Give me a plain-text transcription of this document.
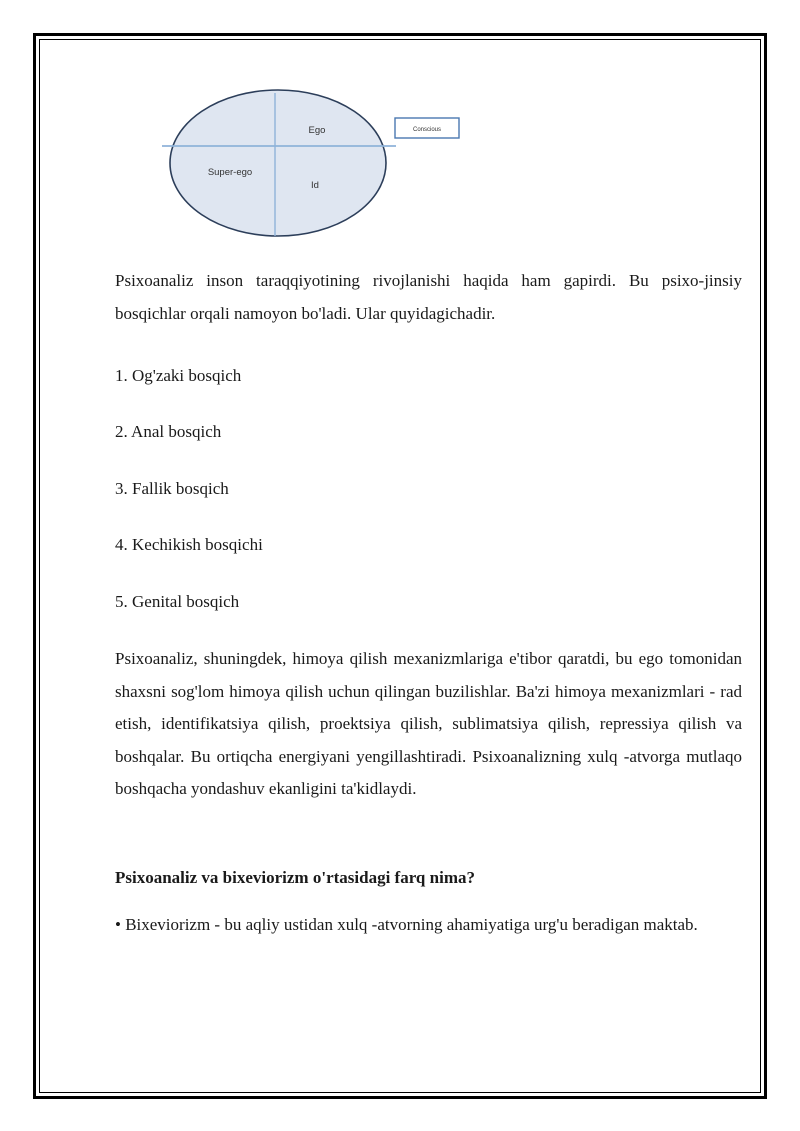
Conscious
Ego
Super-ego
Id

Psixoanaliz inson taraqqiyotining rivojlanishi haqida ham gapirdi. Bu psixo-jinsiy bosqichlar orqali namoyon bo'ladi. Ular quyidagichadir.

1. Og'zaki bosqich
2. Anal bosqich
3. Fallik bosqich
4. Kechikish bosqichi
5. Genital bosqich

Psixoanaliz, shuningdek, himoya qilish mexanizmlariga e'tibor qaratdi, bu ego tomonidan shaxsni sog'lom himoya qilish uchun qilingan buzilishlar. Ba'zi himoya mexanizmlari - rad etish, identifikatsiya qilish, proektsiya qilish, sublimatsiya qilish, repressiya qilish va boshqalar. Bu ortiqcha energiyani yengillashtiradi. Psixoanalizning xulq -atvorga mutlaqo boshqacha yondashuv ekanligini ta'kidlaydi.

Psixoanaliz va bixeviorizm o'rtasidagi farq nima?

• Bixeviorizm - bu aqliy ustidan xulq -atvorning ahamiyatiga urg'u beradigan maktab.
